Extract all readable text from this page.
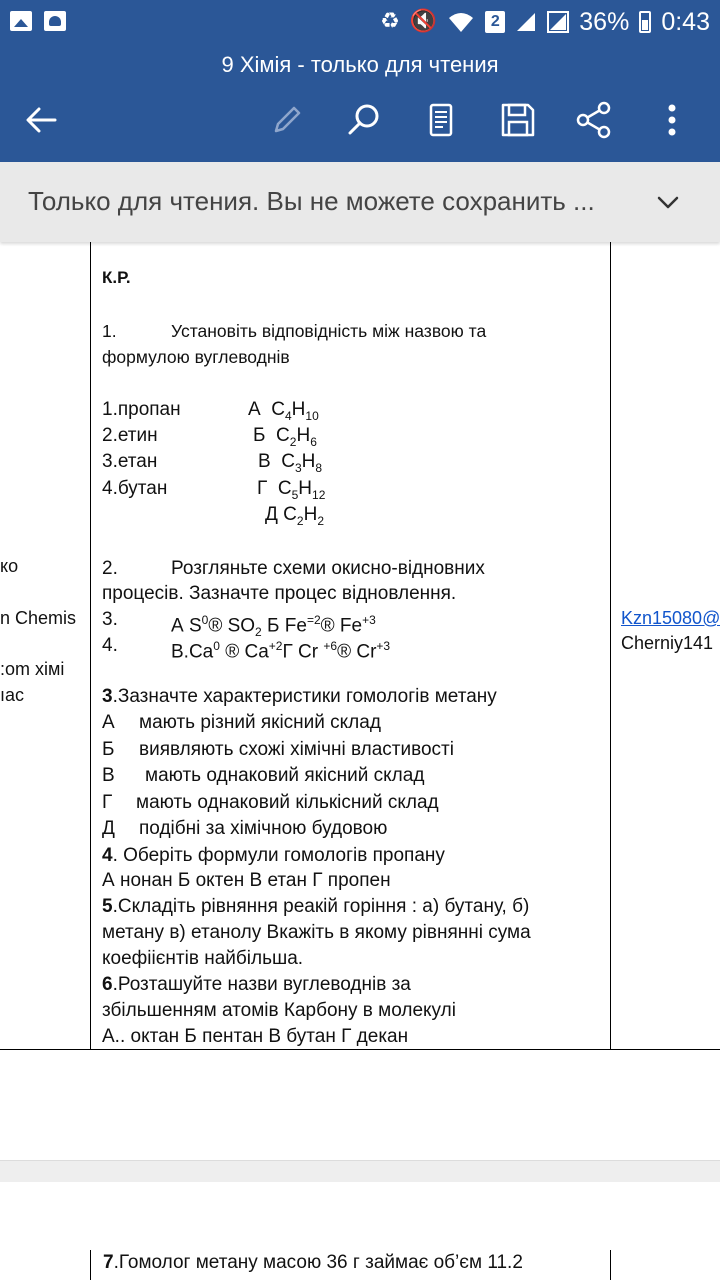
♻ 🔇	2	36% 0:43
9 Хімія - только для чтения
Только для чтения. Вы не можете сохранить ...
ко
n Chemis
:om хімі
ıac
Kzn15080@
Cherniy141
К.Р.
1.	Установіть відповідність між назвою та
формулою вуглеводнів
1.пропан	А $C_4H_{10}$
2.етин	Б $C_2H_6$
3.етан	В $C_3H_8$
4.бутан	Г $C_5H_{12}$
Д $C_2H_2$
2.	Розгляньте схеми окисно-відновних
процесів. Зазначте процес відновлення.
3.	А $S^0®$ $SO_2$ Б $Fe^{=2}®$ $Fe^{+3}$
4.	В.Ca$^0$ ® $Ca^{+2}Г$ Cr $^{+6}$® $Cr^{+3}$
3.Зазначте характеристики гомологів метану
А мають різний якісний склад
Б виявляють схожі хімічні властивості
В мають однаковий якісний склад
Г мають однаковий кількісний склад
Д подібні за хімічною будовою
4. Оберіть формули гомологів пропану
А нонан Б октен В етан Г пропен
5.Складіть рівняння реакій горіння : а) бутану, б)
метану в) етанолу Вкажіть в якому рівнянні сума
коефіієнтів найбільша.
6.Розташуйте назви вуглеводнів за
збільшенням атомів Карбону в молекулі
А.. октан Б пентан В бутан Г декан
7.Гомолог метану масою 36 г займає об’єм 11.2
